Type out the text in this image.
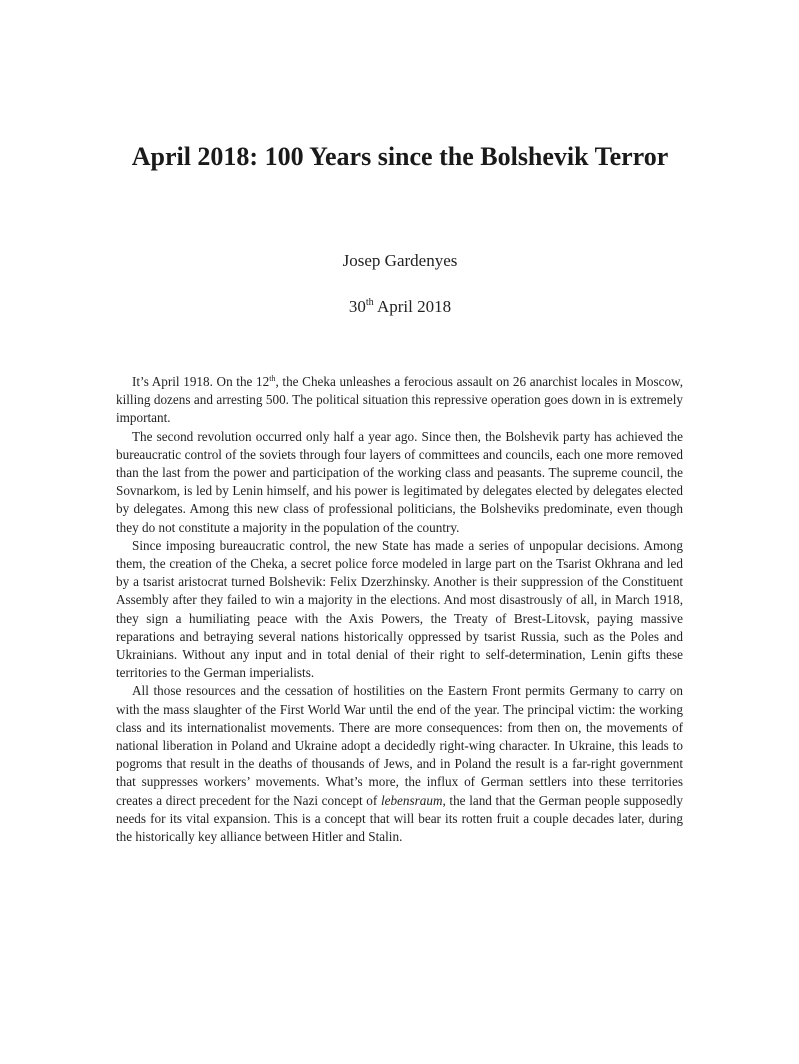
April 2018: 100 Years since the Bolshevik Terror
Josep Gardenyes
30th April 2018

It’s April 1918. On the 12th, the Cheka unleashes a ferocious assault on 26 anarchist locales in Moscow, killing dozens and arresting 500. The political situation this repressive operation goes down in is extremely important.

The second revolution occurred only half a year ago. Since then, the Bolshevik party has achieved the bureaucratic control of the soviets through four layers of committees and councils, each one more removed than the last from the power and participation of the working class and peasants. The supreme council, the Sovnarkom, is led by Lenin himself, and his power is legitimated by delegates elected by delegates elected by delegates. Among this new class of professional politicians, the Bolsheviks predominate, even though they do not constitute a majority in the population of the country.

Since imposing bureaucratic control, the new State has made a series of unpopular decisions. Among them, the creation of the Cheka, a secret police force modeled in large part on the Tsarist Okhrana and led by a tsarist aristocrat turned Bolshevik: Felix Dzerzhinsky. Another is their suppression of the Constituent Assembly after they failed to win a majority in the elections. And most disastrously of all, in March 1918, they sign a humiliating peace with the Axis Powers, the Treaty of Brest-Litovsk, paying massive reparations and betraying several nations historically oppressed by tsarist Russia, such as the Poles and Ukrainians. Without any input and in total denial of their right to self-determination, Lenin gifts these territories to the German imperialists.

All those resources and the cessation of hostilities on the Eastern Front permits Germany to carry on with the mass slaughter of the First World War until the end of the year. The principal victim: the working class and its internationalist movements. There are more consequences: from then on, the movements of national liberation in Poland and Ukraine adopt a decidedly right-wing character. In Ukraine, this leads to pogroms that result in the deaths of thousands of Jews, and in Poland the result is a far-right government that suppresses workers’ movements. What’s more, the influx of German settlers into these territories creates a direct precedent for the Nazi concept of lebensraum, the land that the German people supposedly needs for its vital expansion. This is a concept that will bear its rotten fruit a couple decades later, during the historically key alliance between Hitler and Stalin.
